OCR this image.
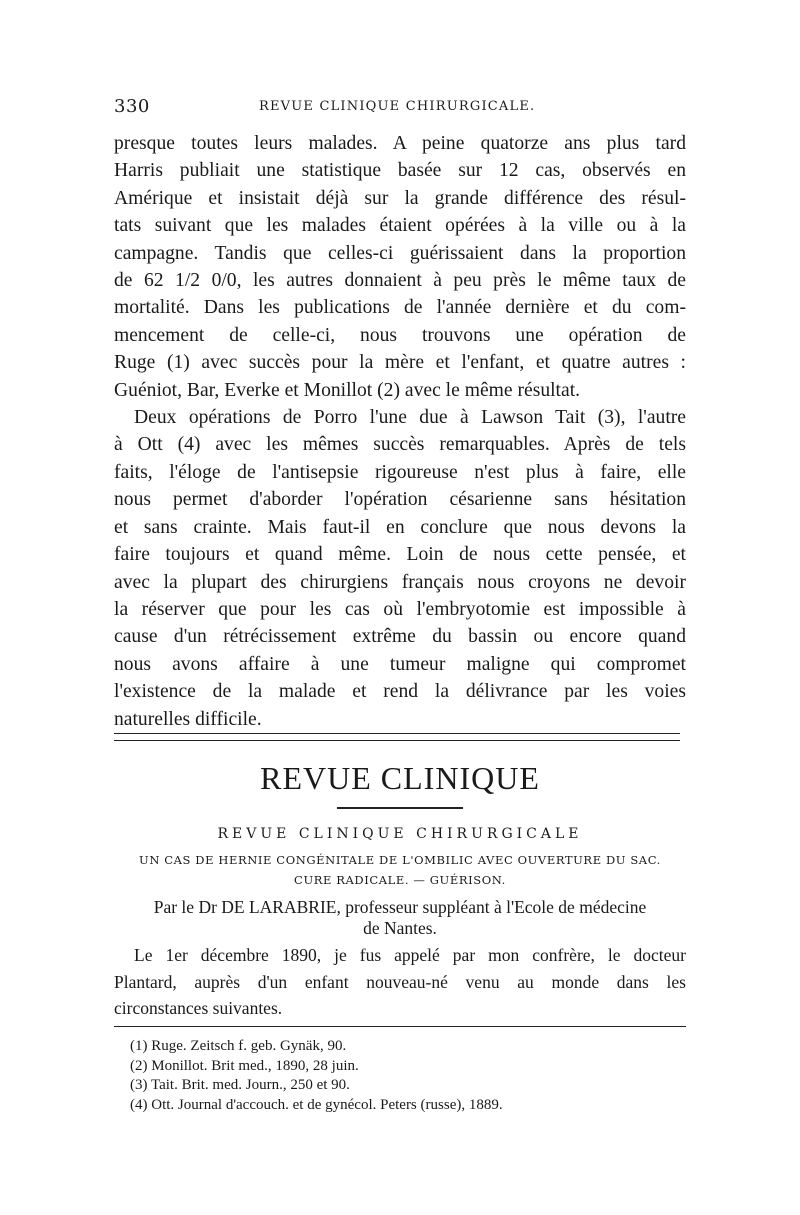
330	REVUE CLINIQUE CHIRURGICALE.
presque toutes leurs malades. A peine quatorze ans plus tard
Harris publiait une statistique basée sur 12 cas, observés en
Amérique et insistait déjà sur la grande différence des résul-
tats suivant que les malades étaient opérées à la ville ou à la
campagne. Tandis que celles-ci guérissaient dans la proportion
de 62 1/2 0/0, les autres donnaient à peu près le même taux de
mortalité. Dans les publications de l'année dernière et du com-
mencement de celle-ci, nous trouvons une opération de
Ruge (1) avec succès pour la mère et l'enfant, et quatre autres :
Guéniot, Bar, Everke et Monillot (2) avec le même résultat.
Deux opérations de Porro l'une due à Lawson Tait (3), l'autre
à Ott (4) avec les mêmes succès remarquables. Après de tels
faits, l'éloge de l'antisepsie rigoureuse n'est plus à faire, elle
nous permet d'aborder l'opération césarienne sans hésitation
et sans crainte. Mais faut-il en conclure que nous devons la
faire toujours et quand même. Loin de nous cette pensée, et
avec la plupart des chirurgiens français nous croyons ne devoir
la réserver que pour les cas où l'embryotomie est impossible à
cause d'un rétrécissement extrême du bassin ou encore quand
nous avons affaire à une tumeur maligne qui compromet
l'existence de la malade et rend la délivrance par les voies
naturelles difficile.
REVUE CLINIQUE
REVUE CLINIQUE CHIRURGICALE
UN CAS DE HERNIE CONGÉNITALE DE L'OMBILIC AVEC OUVERTURE DU SAC.
CURE RADICALE. — GUÉRISON.
Par le Dr DE LARABRIE, professeur suppléant à l'Ecole de médecine
de Nantes.
Le 1er décembre 1890, je fus appelé par mon confrère, le docteur
Plantard, auprès d'un enfant nouveau-né venu au monde dans les
circonstances suivantes.
(1) Ruge. Zeitsch f. geb. Gynäk, 90.
(2) Monillot. Brit med., 1890, 28 juin.
(3) Tait. Brit. med. Journ., 250 et 90.
(4) Ott. Journal d'accouch. et de gynécol. Peters (russe), 1889.
